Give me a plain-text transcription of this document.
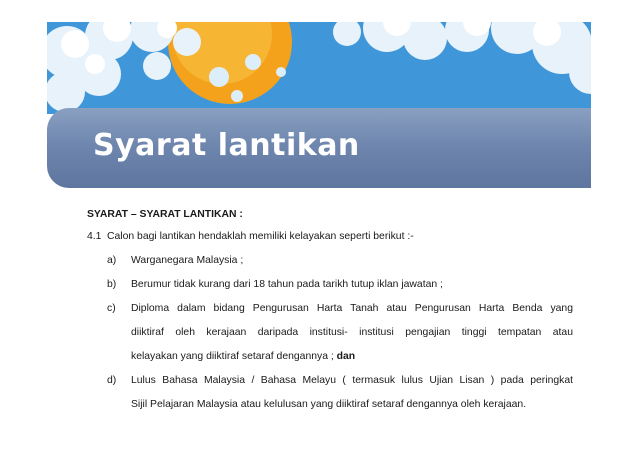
Syarat lantikan
SYARAT – SYARAT LANTIKAN :
4.1 Calon bagi lantikan hendaklah memiliki kelayakan seperti berikut :-
a) Warganegara Malaysia ;
b) Berumur tidak kurang dari 18 tahun pada tarikh tutup iklan jawatan ;
c) Diploma dalam bidang Pengurusan Harta Tanah atau Pengurusan Harta Benda yang
diiktiraf oleh kerajaan daripada institusi- institusi pengajian tinggi tempatan atau
kelayakan yang diiktiraf setaraf dengannya ; dan
d) Lulus Bahasa Malaysia / Bahasa Melayu ( termasuk lulus Ujian Lisan ) pada peringkat
Sijil Pelajaran Malaysia atau kelulusan yang diiktiraf setaraf dengannya oleh kerajaan.
